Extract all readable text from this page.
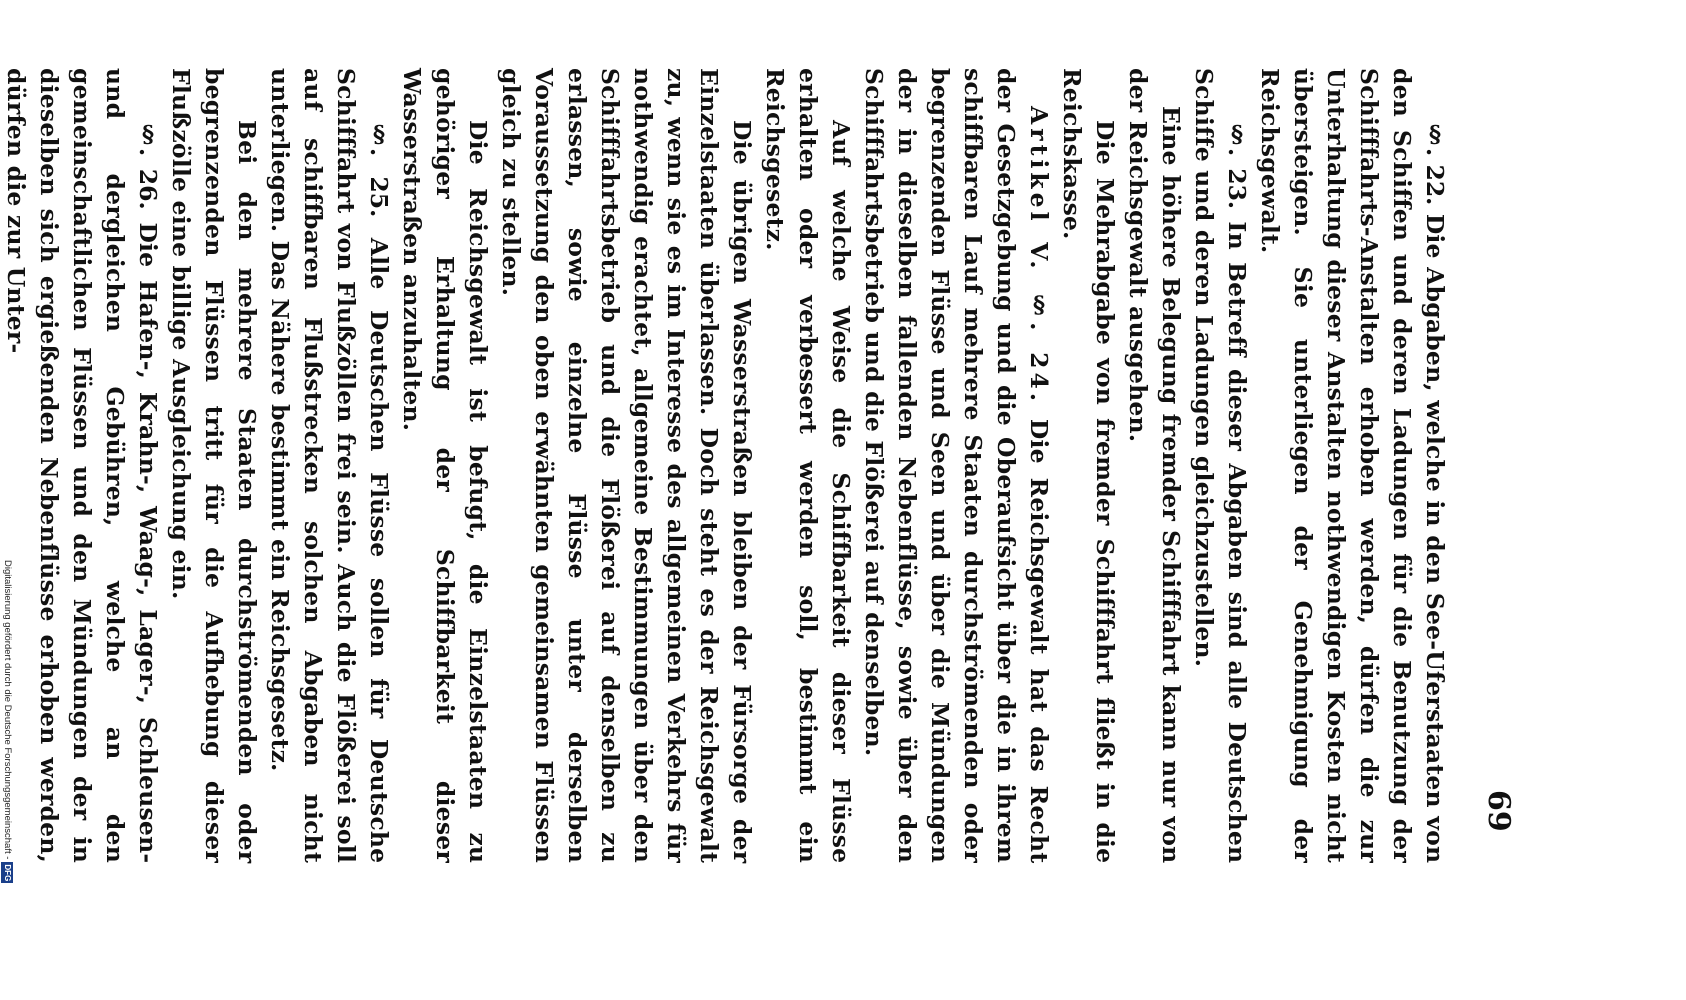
Digitalisierung gefördert durch die Deutsche Forschungsgemeinschaft -DFG
69

§. 22. Die Abgaben, welche in den See-Uferstaaten von den Schiffen und deren Ladungen für die Benutzung der Schifffahrts-Anstalten erhoben werden, dürfen die zur Unterhaltung dieser Anstalten nothwendigen Kosten nicht übersteigen. Sie unterliegen der Genehmigung der Reichsgewalt.

§. 23. In Betreff dieser Abgaben sind alle Deutschen Schiffe und deren Ladungen gleichzustellen.

Eine höhere Belegung fremder Schifffahrt kann nur von der Reichsgewalt ausgehen.

Die Mehrabgabe von fremder Schifffahrt fließt in die Reichskasse.

Artikel V. §. 24. Die Reichsgewalt hat das Recht der Gesetzgebung und die Oberaufsicht über die in ihrem schiffbaren Lauf mehrere Staaten durchströmenden oder begrenzenden Flüsse und Seen und über die Mündungen der in dieselben fallenden Nebenflüsse, sowie über den Schifffahrtsbetrieb und die Flößerei auf denselben.

Auf welche Weise die Schiffbarkeit dieser Flüsse erhalten oder verbessert werden soll, bestimmt ein Reichsgesetz.

Die übrigen Wasserstraßen bleiben der Fürsorge der Einzelstaaten überlassen. Doch steht es der Reichsgewalt zu, wenn sie es im Interesse des allgemeinen Verkehrs für nothwendig erachtet, allgemeine Bestimmungen über den Schifffahrtsbetrieb und die Flößerei auf denselben zu erlassen, sowie einzelne Flüsse unter derselben Voraussetzung den oben erwähnten gemeinsamen Flüssen gleich zu stellen.

Die Reichsgewalt ist befugt, die Einzelstaaten zu gehöriger Erhaltung der Schiffbarkeit dieser Wasserstraßen anzuhalten.

§. 25. Alle Deutschen Flüsse sollen für Deutsche Schifffahrt von Flußzöllen frei sein. Auch die Flößerei soll auf schiffbaren Flußstrecken solchen Abgaben nicht unterliegen. Das Nähere bestimmt ein Reichsgesetz.

Bei den mehrere Staaten durchströmenden oder begrenzenden Flüssen tritt für die Aufhebung dieser Flußzölle eine billige Ausgleichung ein.

§. 26. Die Hafen-, Krahn-, Waag-, Lager-, Schleusen- und dergleichen Gebühren, welche an den gemeinschaftlichen Flüssen und den Mündungen der in dieselben sich ergießenden Nebenflüsse erhoben werden, dürfen die zur Unter-
